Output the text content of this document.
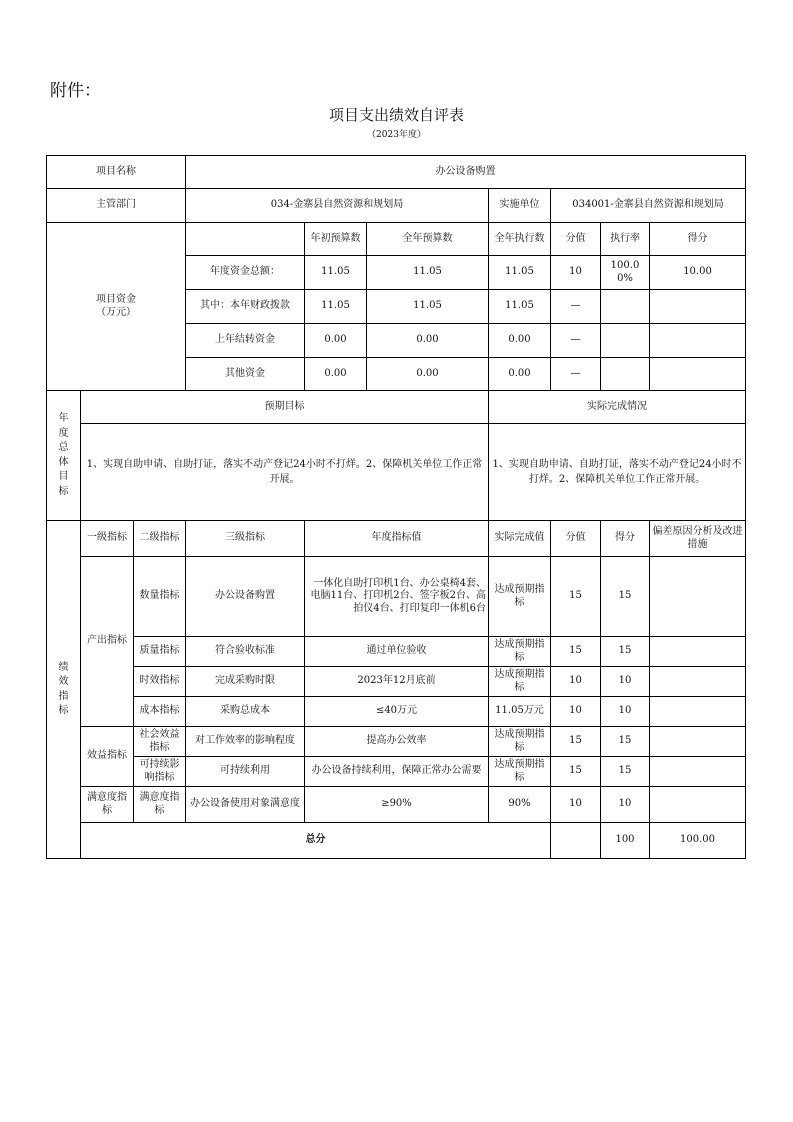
附件：
项目支出绩效自评表
（2023年度）
项目名称			办公设备购置							
主管部门			034-金寨县自然资源和规划局			实施单位	034001-金寨县自然资源和规划局			

项目资金
（万元）				年初预算数	全年预算数	全年执行数	分值	执行率	得分	
			年度资金总额：	11.05	11.05	11.05	10	100.00%	10.00	
			其中：本年财政拨款	11.05	11.05	11.05	—			
			上年结转资金	0.00	0.00	0.00	—			
			其他资金	0.00	0.00	0.00	—			

年度总体目标	预期目标					实际完成情况				
	1、实现自助申请、自助打证，落实不动产登记24小时不打烊。2、保障机关单位工作正常开展。					1、实现自助申请、自助打证，落实不动产登记24小时不打烊。2、保障机关单位工作正常开展。				

绩效指标	一级指标	二级指标	三级指标	年度指标值		实际完成值	分值	得分	偏差原因分析及改进措施	
	产出指标	数量指标	办公设备购置	一体化自助打印机1台、办公桌椅4套、电脑11台、打印机2台、签字板2台、高拍仪4台、打印复印一体机6台		达成预期指标	15	15		
		质量指标	符合验收标准	通过单位验收		达成预期指标	15	15		
		时效指标	完成采购时限	2023年12月底前		达成预期指标	10	10		
		成本指标	采购总成本	≤40万元		11.05万元	10	10		
	效益指标	社会效益指标	对工作效率的影响程度	提高办公效率		达成预期指标	15	15		
		可持续影响指标	可持续利用	办公设备持续利用，保障正常办公需要		达成预期指标	15	15		
	满意度指标	满意度指标	办公设备使用对象满意度	≥90%		90%	10	10		
	总分							100	100.00	
